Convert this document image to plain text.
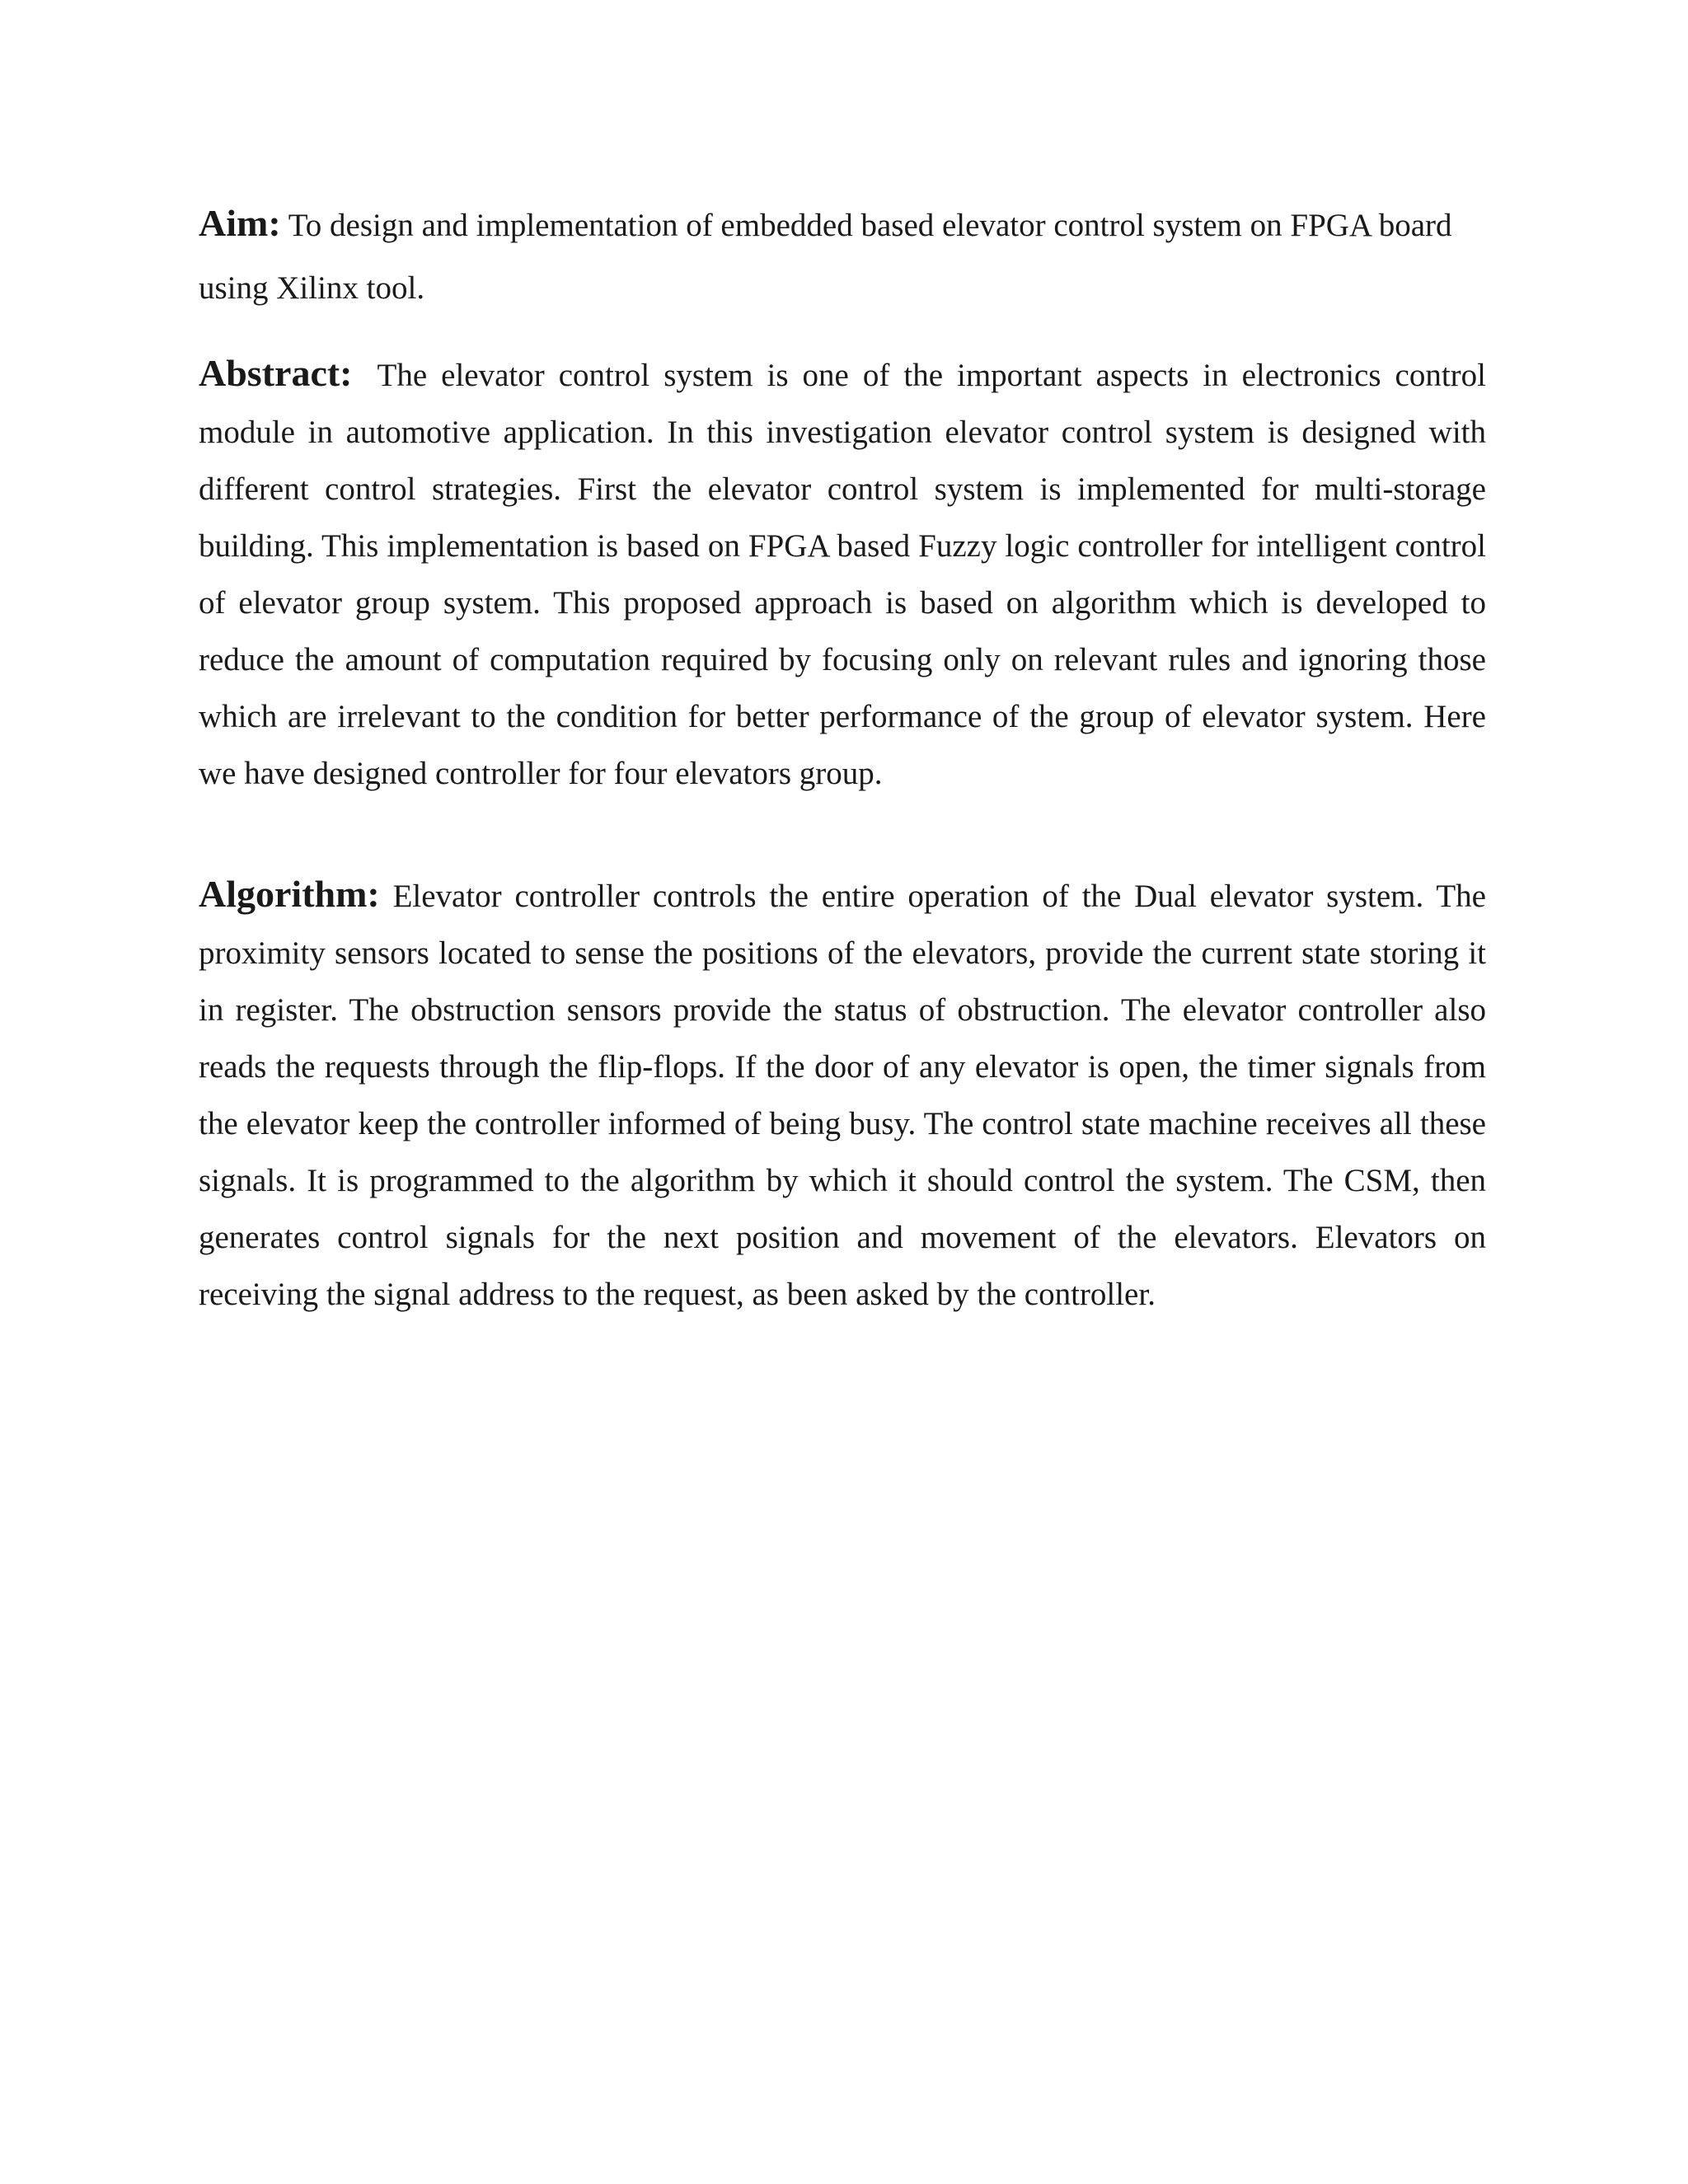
Aim: To design and implementation of embedded based elevator control system on FPGA board using Xilinx tool.

Abstract: The elevator control system is one of the important aspects in electronics control module in automotive application. In this investigation elevator control system is designed with different control strategies. First the elevator control system is implemented for multi-storage building. This implementation is based on FPGA based Fuzzy logic controller for intelligent control of elevator group system. This proposed approach is based on algorithm which is developed to reduce the amount of computation required by focusing only on relevant rules and ignoring those which are irrelevant to the condition for better performance of the group of elevator system. Here we have designed controller for four elevators group.

Algorithm: Elevator controller controls the entire operation of the Dual elevator system. The proximity sensors located to sense the positions of the elevators, provide the current state storing it in register. The obstruction sensors provide the status of obstruction. The elevator controller also reads the requests through the flip-flops. If the door of any elevator is open, the timer signals from the elevator keep the controller informed of being busy. The control state machine receives all these signals. It is programmed to the algorithm by which it should control the system. The CSM, then generates control signals for the next position and movement of the elevators. Elevators on receiving the signal address to the request, as been asked by the controller.
